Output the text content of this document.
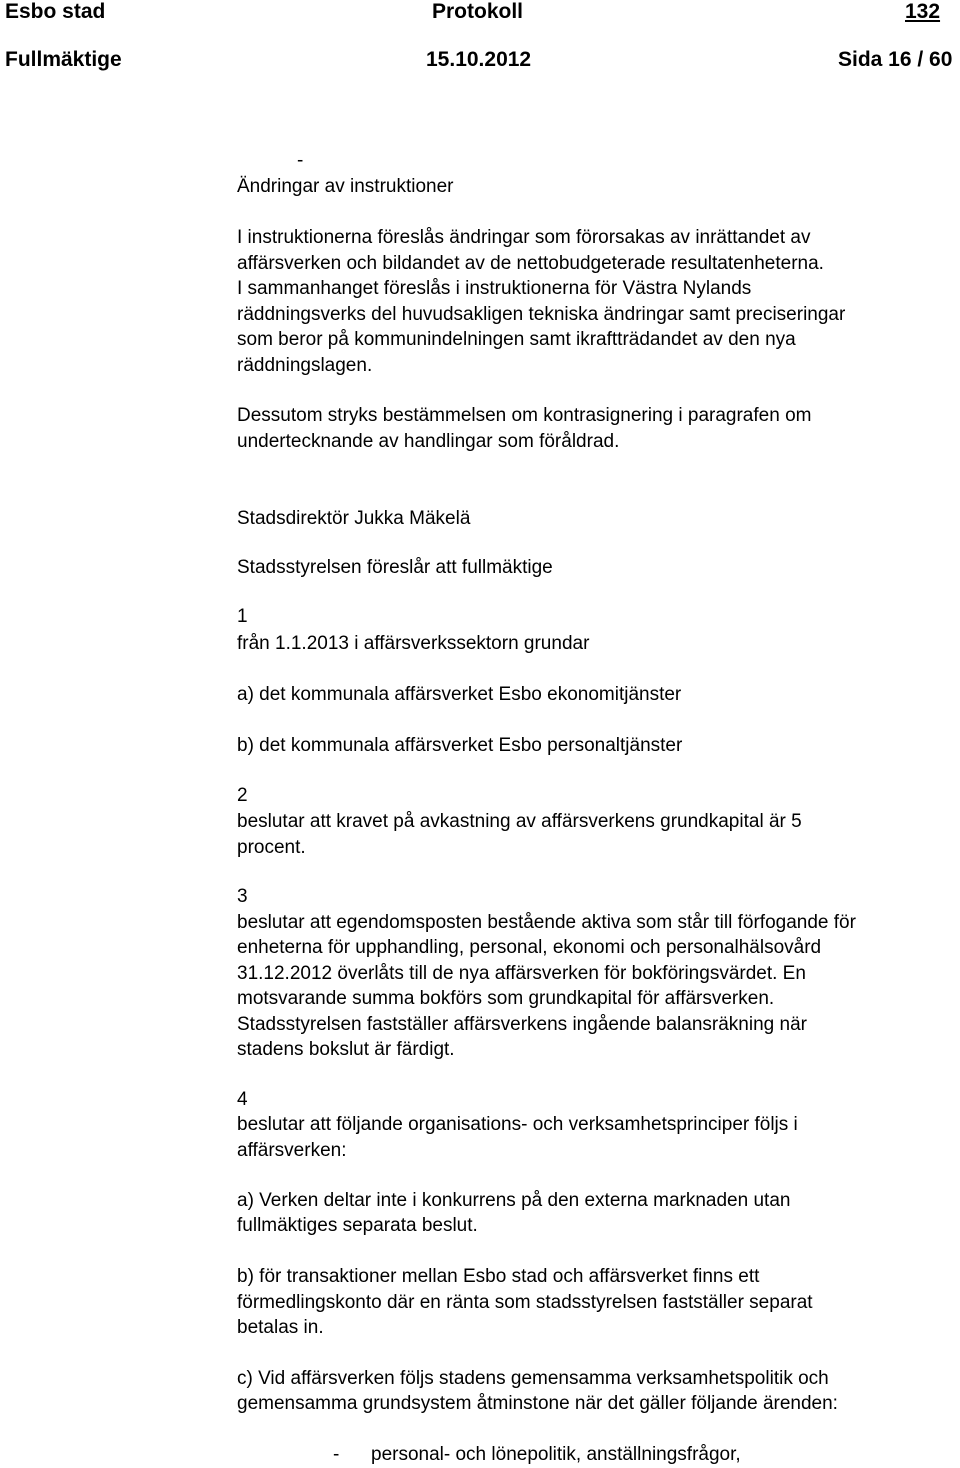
Esbo stad	Protokoll	132
Fullmäktige	15.10.2012	Sida 16 / 60
-
Ändringar av instruktioner
I instruktionerna föreslås ändringar som förorsakas av inrättandet av
affärsverken och bildandet av de nettobudgeterade resultatenheterna.
I sammanhanget föreslås i instruktionerna för Västra Nylands
räddningsverks del huvudsakligen tekniska ändringar samt preciseringar
som beror på kommunindelningen samt ikraftträdandet av den nya
räddningslagen.
Dessutom stryks bestämmelsen om kontrasignering i paragrafen om
undertecknande av handlingar som föråldrad.
Stadsdirektör Jukka Mäkelä
Stadsstyrelsen föreslår att fullmäktige
1
från 1.1.2013 i affärsverkssektorn grundar
a) det kommunala affärsverket Esbo ekonomitjänster
b) det kommunala affärsverket Esbo personaltjänster
2
beslutar att kravet på avkastning av affärsverkens grundkapital är 5
procent.
3
beslutar att egendomsposten bestående aktiva som står till förfogande för
enheterna för upphandling, personal, ekonomi och personalhälsovård
31.12.2012 överlåts till de nya affärsverken för bokföringsvärdet. En
motsvarande summa bokförs som grundkapital för affärsverken.
Stadsstyrelsen fastställer affärsverkens ingående balansräkning när
stadens bokslut är färdigt.
4
beslutar att följande organisations- och verksamhetsprinciper följs i
affärsverken:
a) Verken deltar inte i konkurrens på den externa marknaden utan
fullmäktiges separata beslut.
b) för transaktioner mellan Esbo stad och affärsverket finns ett
förmedlingskonto där en ränta som stadsstyrelsen fastställer separat
betalas in.
c) Vid affärsverken följs stadens gemensamma verksamhetspolitik och
gemensamma grundsystem åtminstone när det gäller följande ärenden:
- personal- och lönepolitik, anställningsfrågor,
